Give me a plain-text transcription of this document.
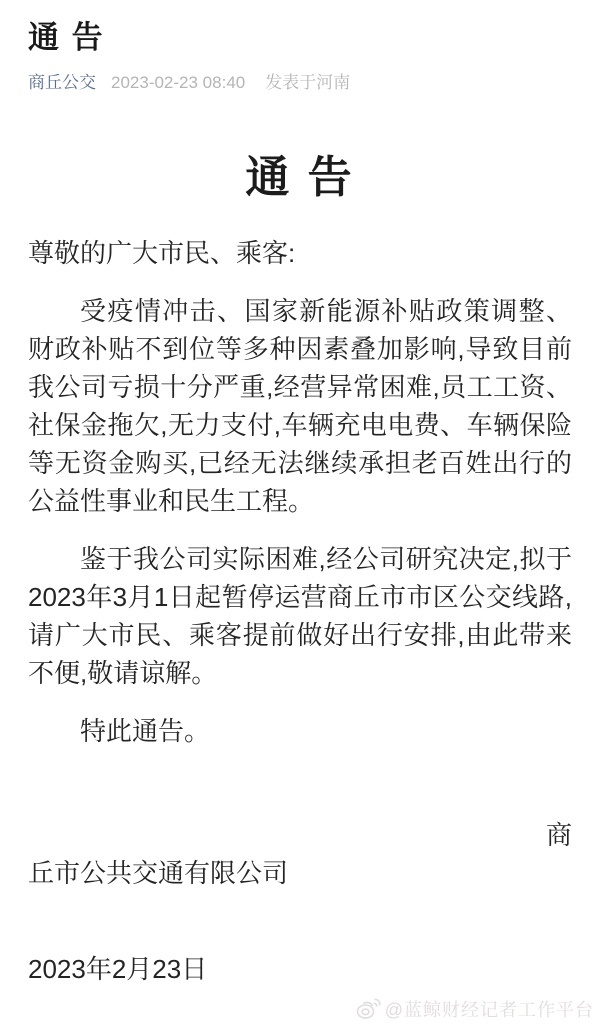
通 告
商丘公交 2023-02-23 08:40 发表于河南
通 告
尊敬的广大市民、乘客:

受疫情冲击、国家新能源补贴政策调整、财政补贴不到位等多种因素叠加影响,导致目前我公司亏损十分严重,经营异常困难,员工工资、社保金拖欠,无力支付,车辆充电电费、车辆保险等无资金购买,已经无法继续承担老百姓出行的公益性事业和民生工程。

鉴于我公司实际困难,经公司研究决定,拟于2023年3月1日起暂停运营商丘市市区公交线路,请广大市民、乘客提前做好出行安排,由此带来不便,敬请谅解。

特此通告。
商
丘市公共交通有限公司
2023年2月23日
@蓝鲸财经记者工作平台
